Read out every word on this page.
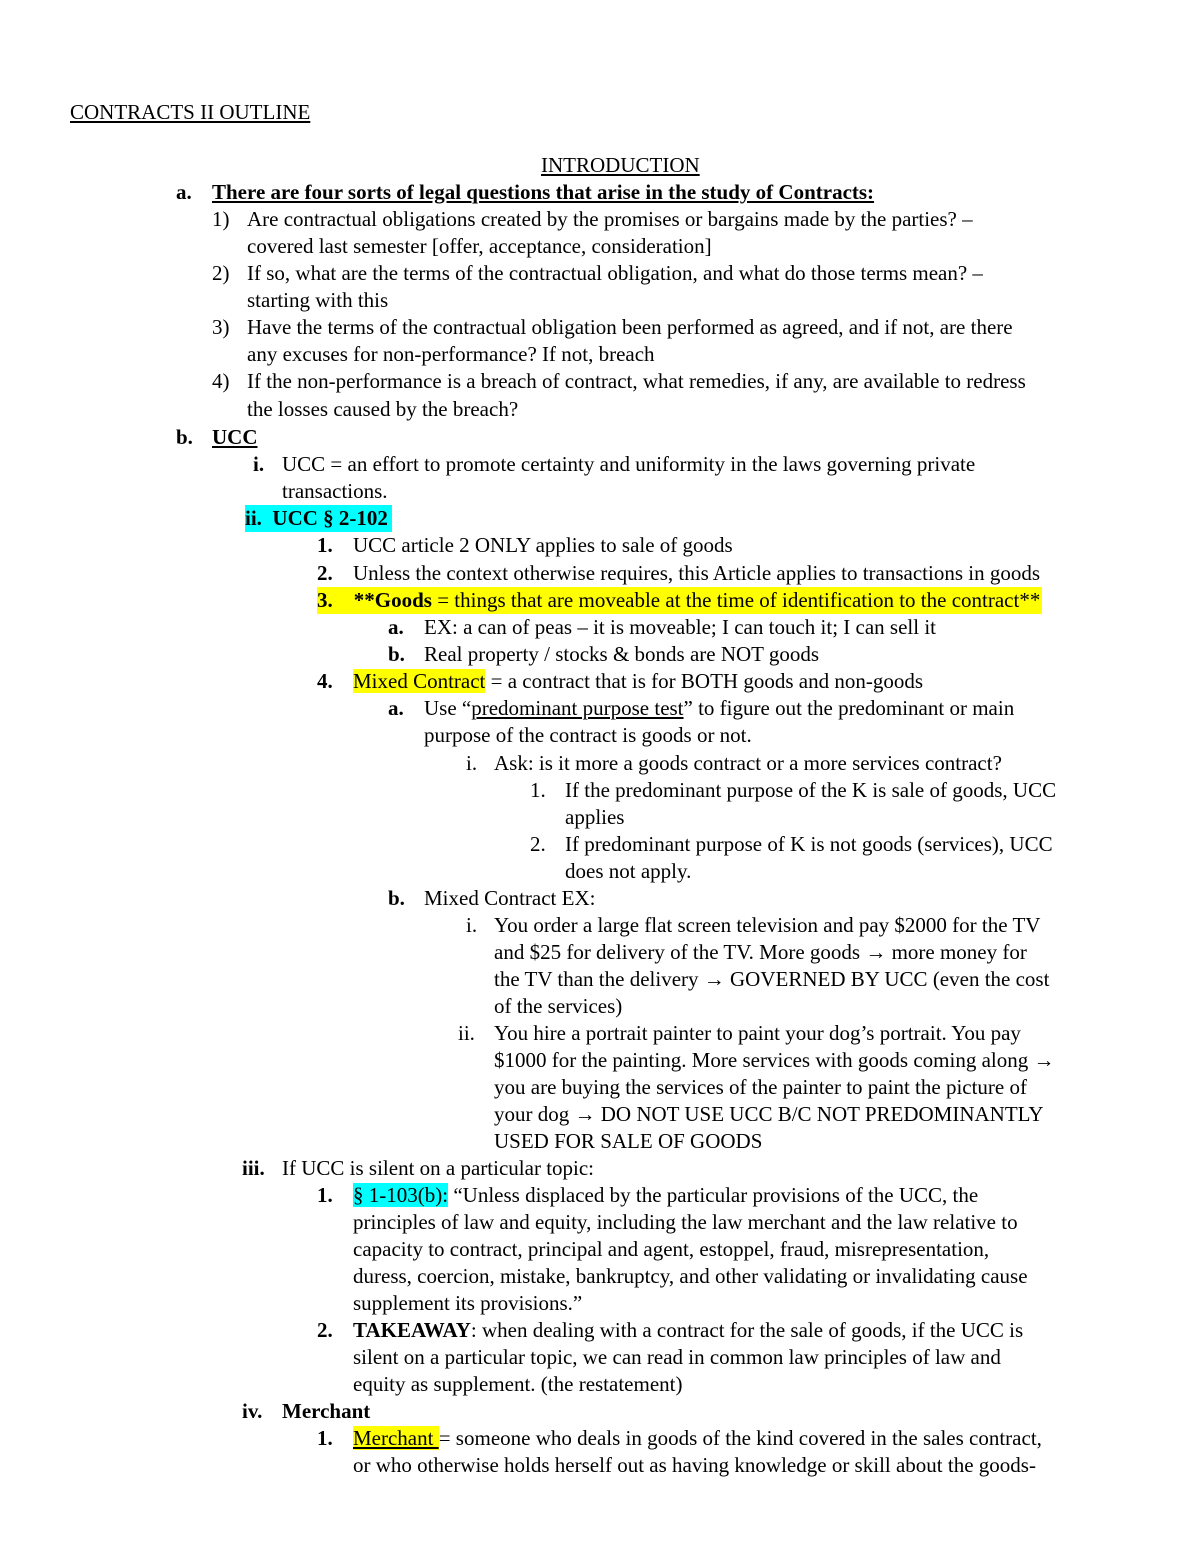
CONTRACTS II OUTLINE
INTRODUCTION
a. There are four sorts of legal questions that arise in the study of Contracts:
1) Are contractual obligations created by the promises or bargains made by the parties? –
covered last semester [offer, acceptance, consideration]
2) If so, what are the terms of the contractual obligation, and what do those terms mean? –
starting with this
3) Have the terms of the contractual obligation been performed as agreed, and if not, are there
any excuses for non-performance? If not, breach
4) If the non-performance is a breach of contract, what remedies, if any, are available to redress
the losses caused by the breach?
b. UCC
i. UCC = an effort to promote certainty and uniformity in the laws governing private
transactions.
ii. UCC § 2-102
1. UCC article 2 ONLY applies to sale of goods
2. Unless the context otherwise requires, this Article applies to transactions in goods
3. **Goods = things that are moveable at the time of identification to the contract**
a. EX: a can of peas – it is moveable; I can touch it; I can sell it
b. Real property / stocks & bonds are NOT goods
4. Mixed Contract = a contract that is for BOTH goods and non-goods
a. Use “predominant purpose test” to figure out the predominant or main
purpose of the contract is goods or not.
i. Ask: is it more a goods contract or a more services contract?
1. If the predominant purpose of the K is sale of goods, UCC
applies
2. If predominant purpose of K is not goods (services), UCC
does not apply.
b. Mixed Contract EX:
i. You order a large flat screen television and pay $2000 for the TV
and $25 for delivery of the TV. More goods → more money for
the TV than the delivery → GOVERNED BY UCC (even the cost
of the services)
ii. You hire a portrait painter to paint your dog’s portrait. You pay
$1000 for the painting. More services with goods coming along →
you are buying the services of the painter to paint the picture of
your dog → DO NOT USE UCC B/C NOT PREDOMINANTLY
USED FOR SALE OF GOODS
iii. If UCC is silent on a particular topic:
1. § 1-103(b): “Unless displaced by the particular provisions of the UCC, the
principles of law and equity, including the law merchant and the law relative to
capacity to contract, principal and agent, estoppel, fraud, misrepresentation,
duress, coercion, mistake, bankruptcy, and other validating or invalidating cause
supplement its provisions.”
2. TAKEAWAY: when dealing with a contract for the sale of goods, if the UCC is
silent on a particular topic, we can read in common law principles of law and
equity as supplement. (the restatement)
iv. Merchant
1. Merchant = someone who deals in goods of the kind covered in the sales contract,
or who otherwise holds herself out as having knowledge or skill about the goods-
